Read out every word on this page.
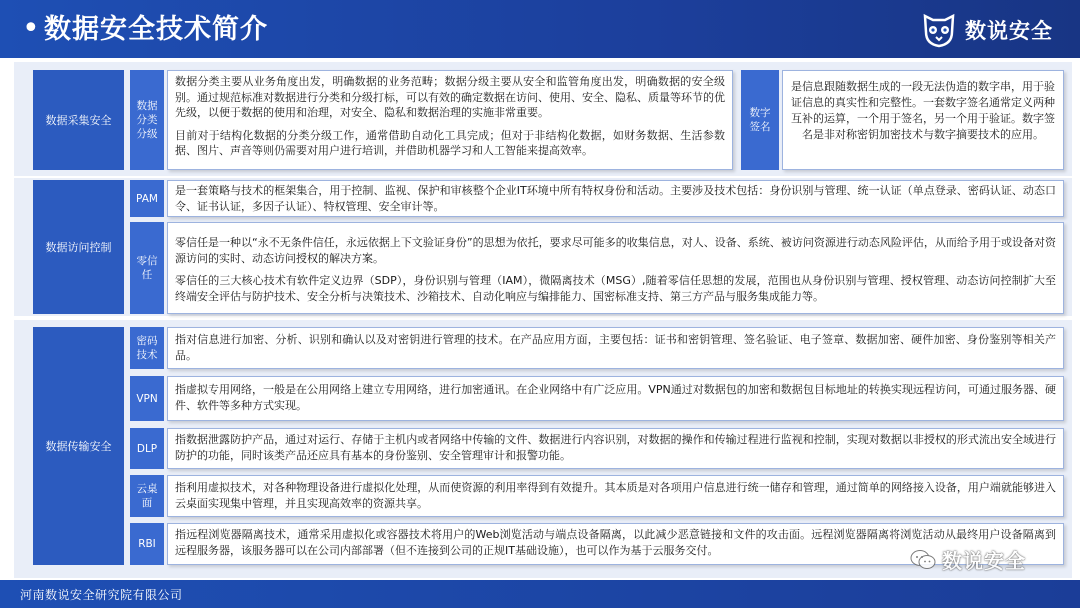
• 数据安全技术简介	数说安全
数据采集安全
数据分类分级
数据分类主要从业务角度出发，明确数据的业务范畴；数据分级主要从安全和监管角度出发，明确数据的安全级别。通过规范标准对数据进行分类和分级打标，可以有效的确定数据在访问、使用、安全、隐私、质量等环节的优先级，以便于数据的使用和治理，对安全、隐私和数据治理的实施非常重要。
目前对于结构化数据的分类分级工作，通常借助自动化工具完成；但对于非结构化数据，如财务数据、生活参数据、图片、声音等则仍需要对用户进行培训，并借助机器学习和人工智能来提高效率。
数字签名
是信息跟随数据生成的一段无法伪造的数字串，用于验证信息的真实性和完整性。一套数字签名通常定义两种互补的运算，一个用于签名，另一个用于验证。数字签名是非对称密钥加密技术与数字摘要技术的应用。
数据访问控制
PAM
是一套策略与技术的框架集合，用于控制、监视、保护和审核整个企业IT环境中所有特权身份和活动。主要涉及技术包括：身份识别与管理、统一认证（单点登录、密码认证、动态口令、证书认证，多因子认证）、特权管理、安全审计等。
零信任
零信任是一种以“永不无条件信任，永远依据上下文验证身份”的思想为依托，要求尽可能多的收集信息，对人、设备、系统、被访问资源进行动态风险评估，从而给予用于或设备对资源访问的实时、动态访问授权的解决方案。
零信任的三大核心技术有软件定义边界（SDP），身份识别与管理（IAM），微隔离技术（MSG）,随着零信任思想的发展，范围也从身份识别与管理、授权管理、动态访问控制扩大至终端安全评估与防护技术、安全分析与决策技术、沙箱技术、自动化响应与编排能力、国密标准支持、第三方产品与服务集成能力等。
数据传输安全
密码技术
指对信息进行加密、分析、识别和确认以及对密钥进行管理的技术。在产品应用方面，主要包括：证书和密钥管理、签名验证、电子签章、数据加密、硬件加密、身份鉴别等相关产品。
VPN
指虚拟专用网络，一般是在公用网络上建立专用网络，进行加密通讯。在企业网络中有广泛应用。VPN通过对数据包的加密和数据包目标地址的转换实现远程访问，可通过服务器、硬件、软件等多种方式实现。
DLP
指数据泄露防护产品，通过对运行、存储于主机内或者网络中传输的文件、数据进行内容识别，对数据的操作和传输过程进行监视和控制，实现对数据以非授权的形式流出安全域进行防护的功能，同时该类产品还应具有基本的身份鉴别、安全管理审计和报警功能。
云桌面
指利用虚拟技术，对各种物理设备进行虚拟化处理，从而使资源的利用率得到有效提升。其本质是对各项用户信息进行统一储存和管理，通过简单的网络接入设备，用户端就能够进入云桌面实现集中管理，并且实现高效率的资源共享。
RBI
指远程浏览器隔离技术，通常采用虚拟化或容器技术将用户的Web浏览活动与端点设备隔离，以此减少恶意链接和文件的攻击面。远程浏览器隔离将浏览活动从最终用户设备隔离到远程服务器，该服务器可以在公司内部部署（但不连接到公司的正规IT基础设施），也可以作为基于云服务交付。	数说安全
河南数说安全研究院有限公司
